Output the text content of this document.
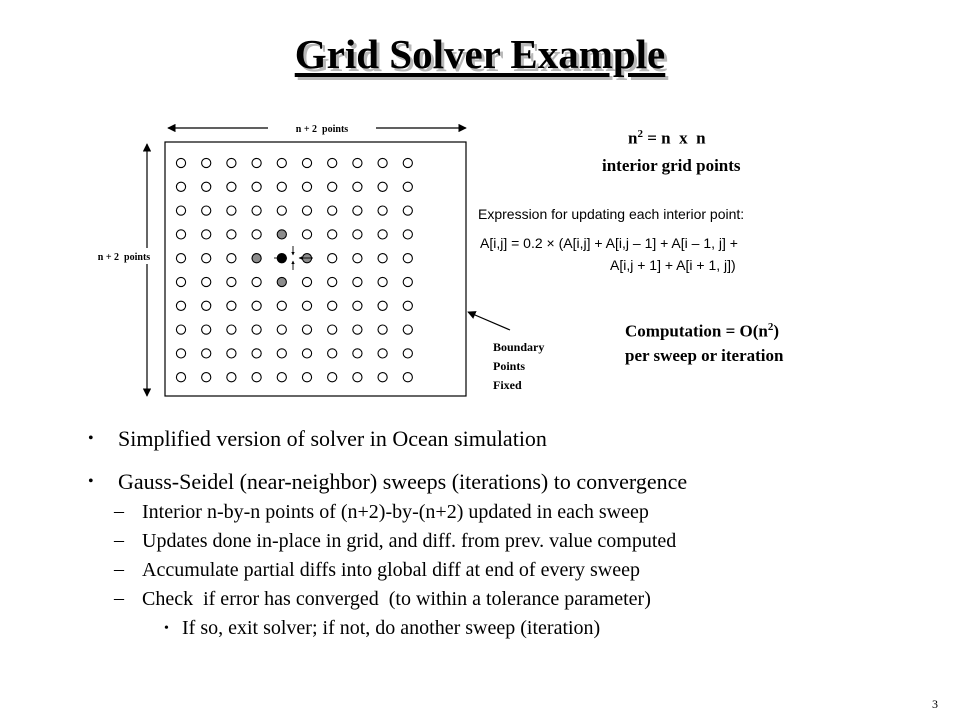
Grid Solver Example
n + 2  points
n + 2  points
Boundary
Points
Fixed
$n^2 = n$  x  n
interior grid points
Expression for updating each interior point:
A[i,j] = 0.2 × (A[i,j] + A[i,j – 1] + A[i – 1, j] +
A[i,j + 1] + A[i + 1, j])
Computation = $O(n^2)$
per sweep or iteration
• Simplified version of solver in Ocean simulation
• Gauss-Seidel (near-neighbor) sweeps (iterations) to convergence
– Interior n-by-n points of (n+2)-by-(n+2) updated in each sweep
– Updates done in-place in grid, and diff. from prev. value computed
– Accumulate partial diffs into global diff at end of every sweep
– Check  if error has converged  (to within a tolerance parameter)
• If so, exit solver; if not, do another sweep (iteration)
3
